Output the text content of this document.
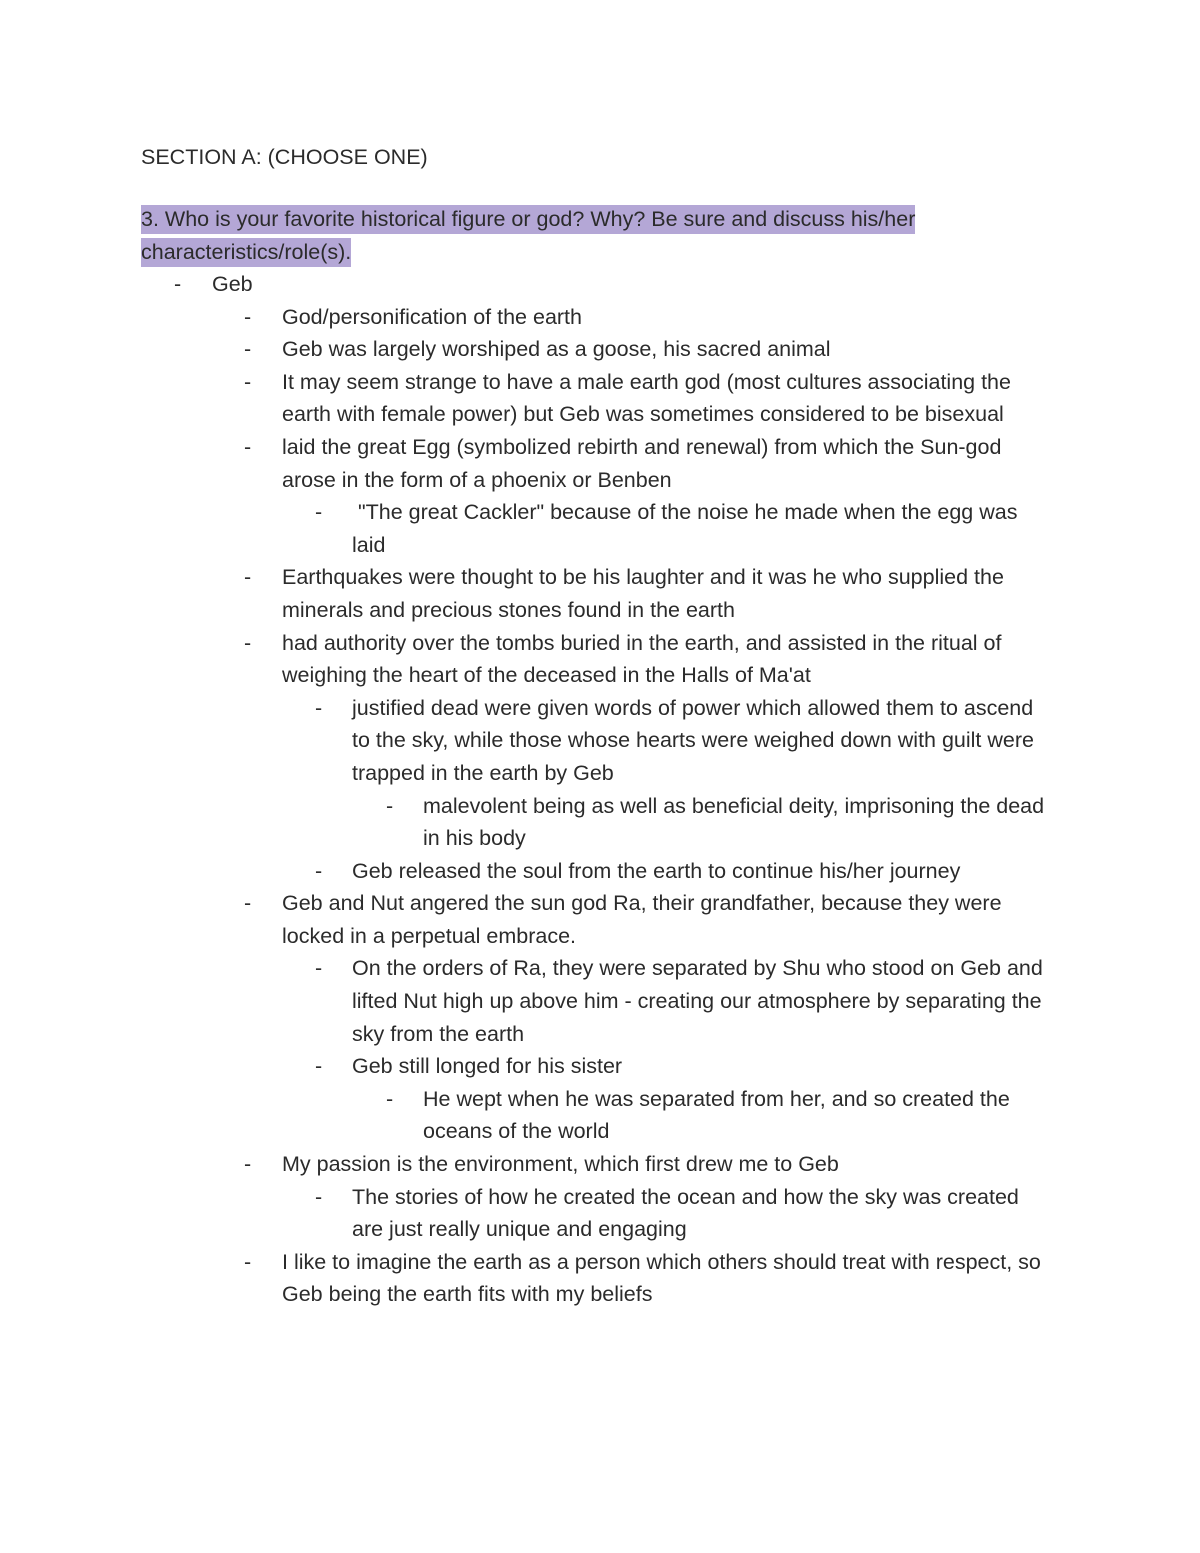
SECTION A: (CHOOSE ONE)
3. Who is your favorite historical figure or god? Why? Be sure and discuss his/her
characteristics/role(s).
- Geb
- God/personification of the earth
- Geb was largely worshiped as a goose, his sacred animal
- It may seem strange to have a male earth god (most cultures associating the earth with female power) but Geb was sometimes considered to be bisexual
- laid the great Egg (symbolized rebirth and renewal) from which the Sun-god arose in the form of a phoenix or Benben
- "The great Cackler" because of the noise he made when the egg was laid
- Earthquakes were thought to be his laughter and it was he who supplied the minerals and precious stones found in the earth
- had authority over the tombs buried in the earth, and assisted in the ritual of weighing the heart of the deceased in the Halls of Ma'at
- justified dead were given words of power which allowed them to ascend to the sky, while those whose hearts were weighed down with guilt were trapped in the earth by Geb
- malevolent being as well as beneficial deity, imprisoning the dead in his body
- Geb released the soul from the earth to continue his/her journey
- Geb and Nut angered the sun god Ra, their grandfather, because they were locked in a perpetual embrace.
- On the orders of Ra, they were separated by Shu who stood on Geb and lifted Nut high up above him - creating our atmosphere by separating the sky from the earth
- Geb still longed for his sister
- He wept when he was separated from her, and so created the oceans of the world
- My passion is the environment, which first drew me to Geb
- The stories of how he created the ocean and how the sky was created are just really unique and engaging
- I like to imagine the earth as a person which others should treat with respect, so Geb being the earth fits with my beliefs
